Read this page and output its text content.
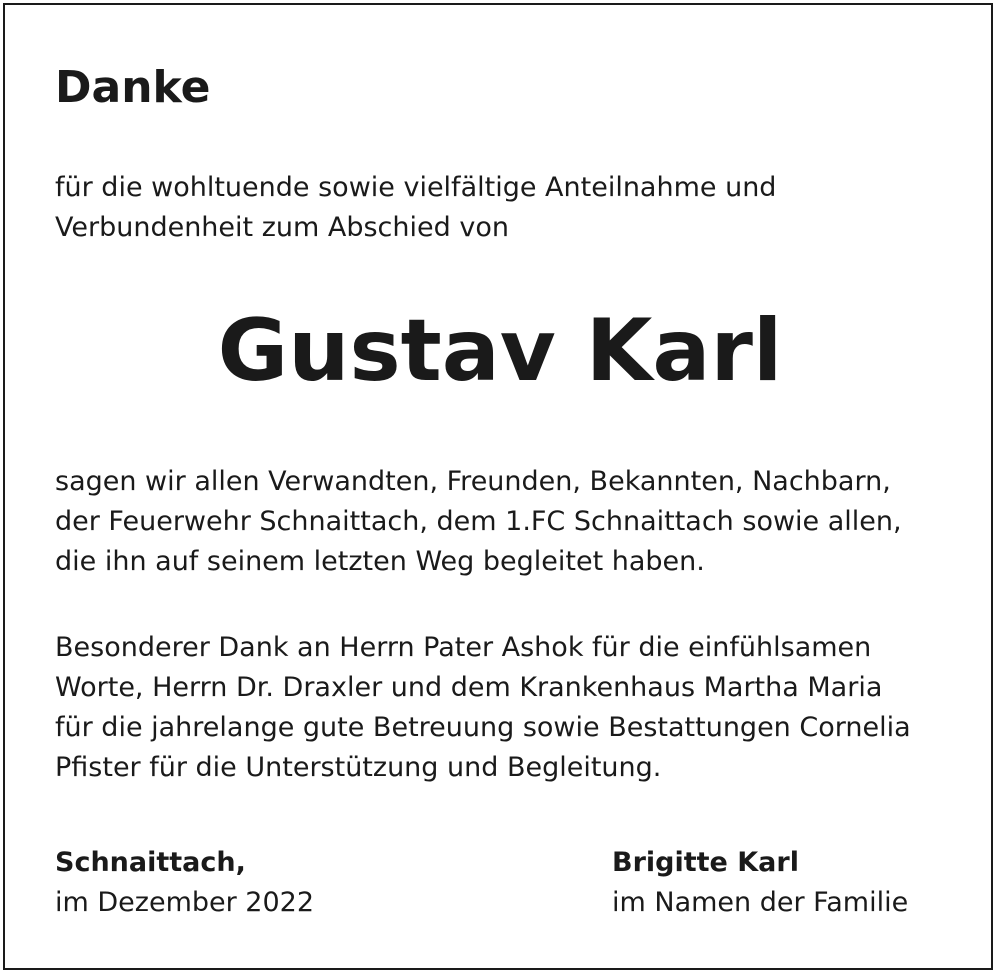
Danke
für die wohltuende sowie vielfältige Anteilnahme und
Verbundenheit zum Abschied von
Gustav Karl
sagen wir allen Verwandten, Freunden, Bekannten, Nachbarn,
der Feuerwehr Schnaittach, dem 1.FC Schnaittach sowie allen,
die ihn auf seinem letzten Weg begleitet haben.
Besonderer Dank an Herrn Pater Ashok für die einfühlsamen
Worte, Herrn Dr. Draxler und dem Krankenhaus Martha Maria
für die jahrelange gute Betreuung sowie Bestattungen Cornelia
Pfister für die Unterstützung und Begleitung.
Schnaittach,
im Dezember 2022
Brigitte Karl
im Namen der Familie
